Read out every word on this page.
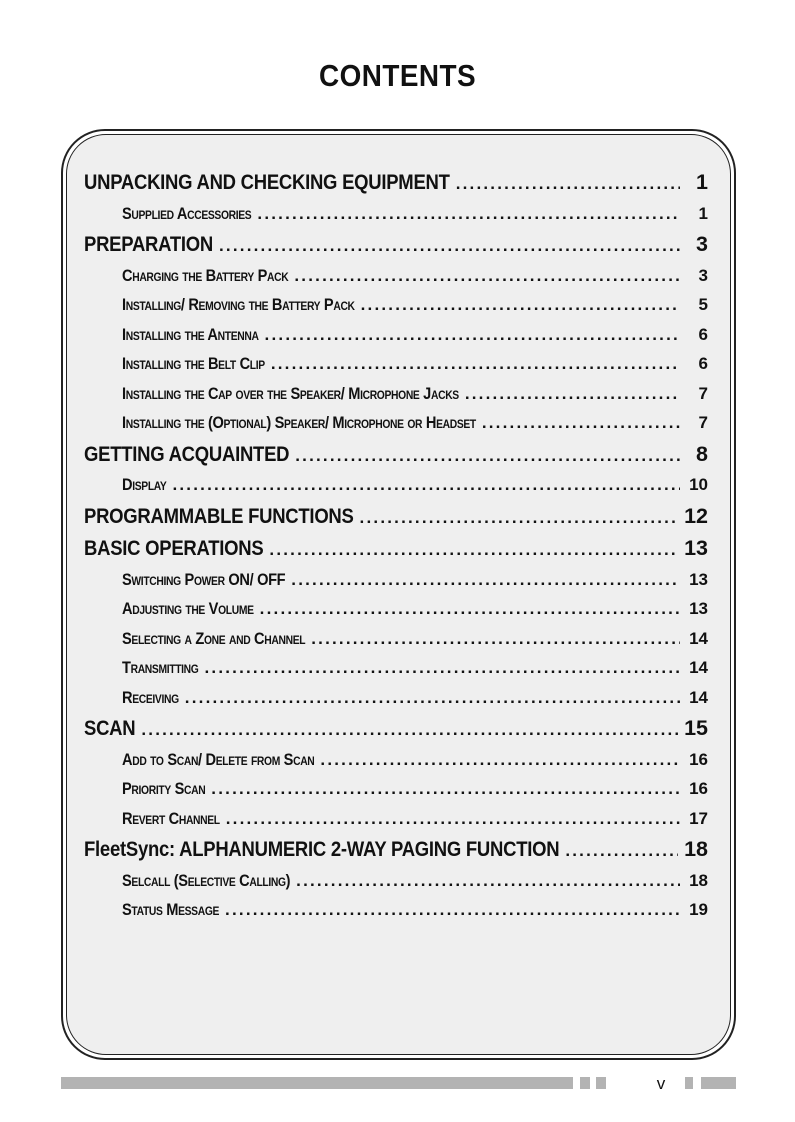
CONTENTS
UNPACKING AND CHECKING EQUIPMENT .....	1
Supplied Accessories .....	1
PREPARATION .....	3
Charging the Battery Pack .....	3
Installing/ Removing the Battery Pack .....	5
Installing the Antenna .....	6
Installing the Belt Clip .....	6
Installing the Cap over the Speaker/ Microphone Jacks .....	7
Installing the (Optional) Speaker/ Microphone or Headset .....	7
GETTING ACQUAINTED .....	8
Display .....	10
PROGRAMMABLE FUNCTIONS .....	12
BASIC OPERATIONS .....	13
Switching Power ON/ OFF .....	13
Adjusting the Volume .....	13
Selecting a Zone and Channel .....	14
Transmitting .....	14
Receiving .....	14
SCAN .....	15
Add to Scan/ Delete from Scan .....	16
Priority Scan .....	16
Revert Channel .....	17
FleetSync: ALPHANUMERIC 2-WAY PAGING FUNCTION .....	18
Selcall (Selective Calling) .....	18
Status Message .....	19
v
